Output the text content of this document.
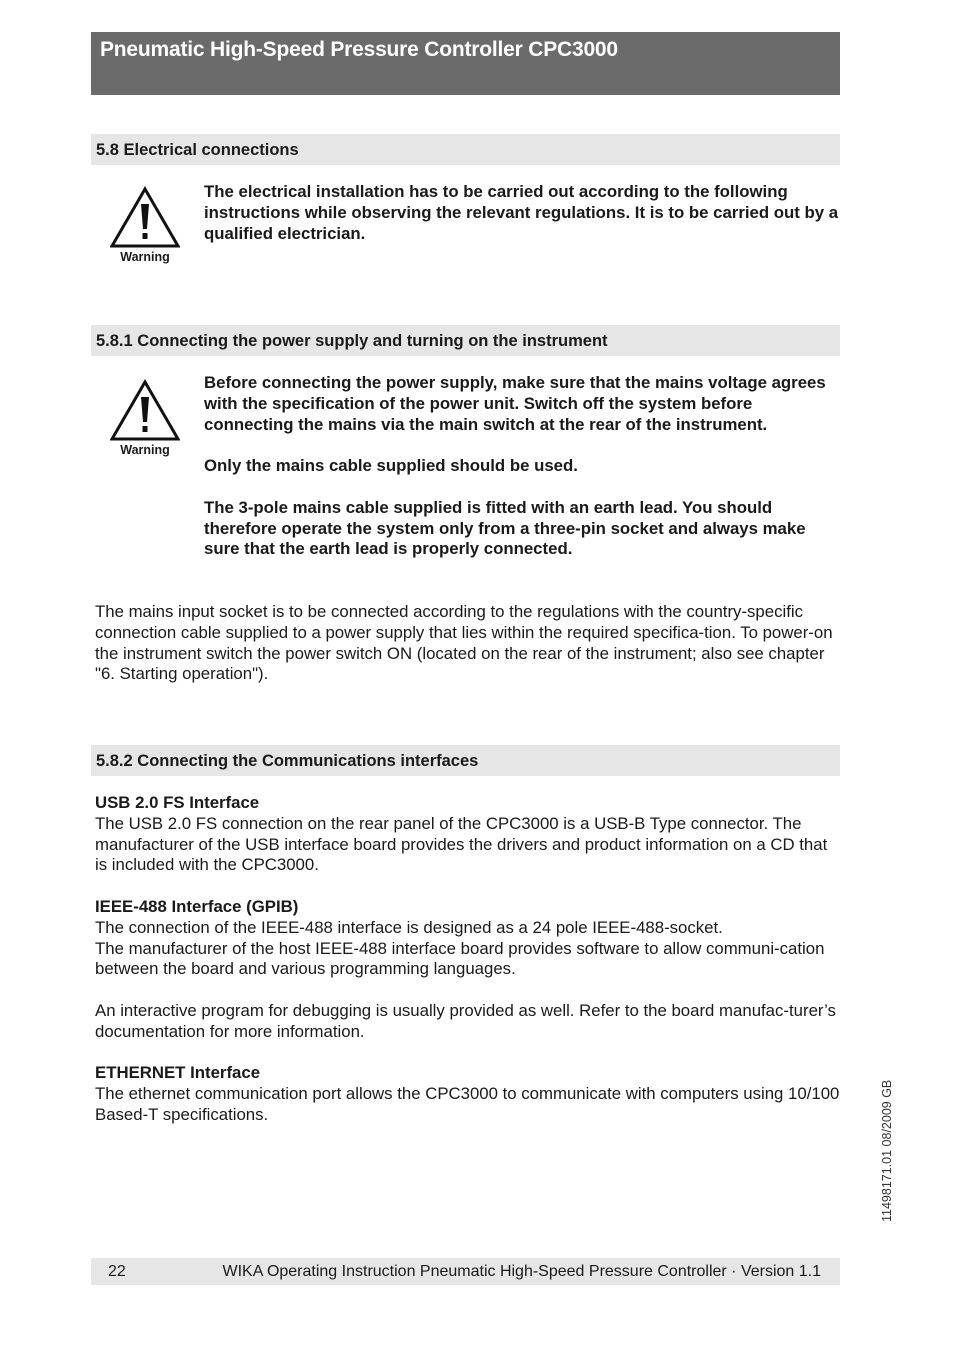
Pneumatic High-Speed Pressure Controller CPC3000
5.8 Electrical connections
Warning

The electrical installation has to be carried out according to the following instructions while observing the relevant regulations. It is to be carried out by a qualified electrician.

5.8.1 Connecting the power supply and turning on the instrument
Warning

Before connecting the power supply, make sure that the mains voltage agrees with the specification of the power unit. Switch off the system before connecting the mains via the main switch at the rear of the instrument.

Only the mains cable supplied should be used.

The 3-pole mains cable supplied is fitted with an earth lead. You should therefore operate the system only from a three-pin socket and always make sure that the earth lead is properly connected.

The mains input socket is to be connected according to the regulations with the country-specific connection cable supplied to a power supply that lies within the required specifica-tion. To power-on the instrument switch the power switch ON (located on the rear of the instrument; also see chapter "6. Starting operation").

5.8.2 Connecting the Communications interfaces

USB 2.0 FS Interface

The USB 2.0 FS connection on the rear panel of the CPC3000 is a USB-B Type connector. The manufacturer of the USB interface board provides the drivers and product information on a CD that is included with the CPC3000.

IEEE-488 Interface (GPIB)

The connection of the IEEE-488 interface is designed as a 24 pole IEEE-488-socket.

The manufacturer of the host IEEE-488 interface board provides software to allow communi-cation between the board and various programming languages.

An interactive program for debugging is usually provided as well. Refer to the board manufac-turer’s documentation for more information.

ETHERNET Interface

The ethernet communication port allows the CPC3000 to communicate with computers using 10/100 Based-T specifications.	11498171.01 08/2009 GB
22	WIKA Operating Instruction Pneumatic High-Speed Pressure Controller · Version 1.1
